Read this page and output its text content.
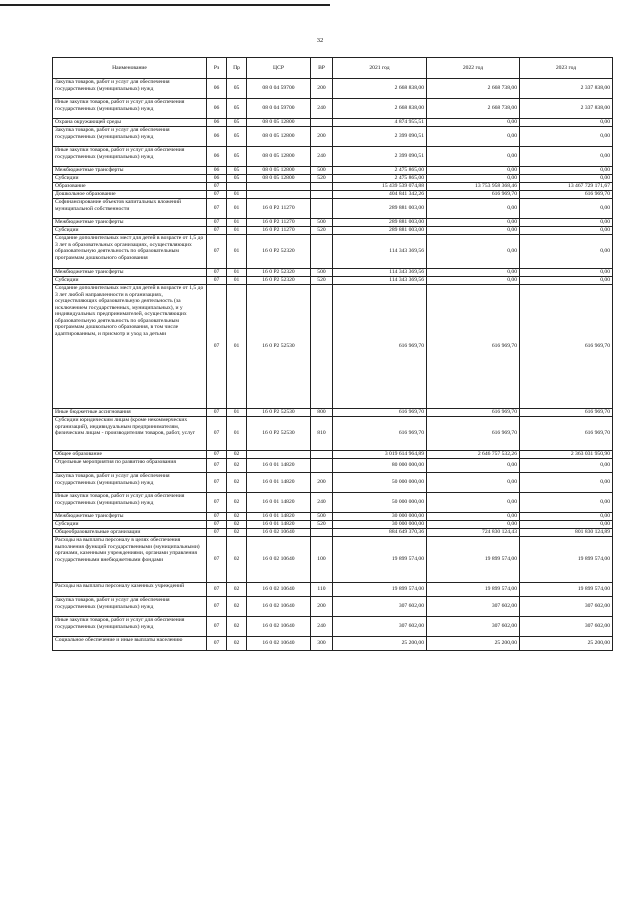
32
Наименование	Рз	Пр	ЦСР	ВР	2021 год	2022 год	2023 год
Закупка товаров, работ и услуг для обеспечения государственных (муниципальных) нужд	06	05	08 0 04 59700	200	2 668 838,00	2 668 738,00	2 337 838,00
Иные закупки товаров, работ и услуг для обеспечения государственных (муниципальных) нужд	06	05	08 0 04 59700	240	2 668 838,00	2 668 738,00	2 337 838,00
Охрана окружающей среды	06	05	08 0 05 12800		4 874 955,51	0,00	0,00
Закупка товаров, работ и услуг для обеспечения государственных (муниципальных) нужд	06	05	08 0 05 12800	200	2 399 090,51	0,00	0,00
Иные закупки товаров, работ и услуг для обеспечения государственных (муниципальных) нужд	06	05	08 0 05 12800	240	2 399 090,51	0,00	0,00
Межбюджетные трансферты	06	05	08 0 05 12800	500	2 475 865,00	0,00	0,00
Субсидии	06	05	08 0 05 12800	520	2 475 865,00	0,00	0,00
Образование	07				15 439 539 074,88	13 753 958 368,46	13 467 729 171,67
Дошкольное образование	07	01			404 841 342,26	616 969,70	616 969,70
Софинансирование объектов капитальных вложений муниципальной собственности	07	01	16 0 Р2 11270		289 881 003,00	0,00	0,00
Межбюджетные трансферты	07	01	16 0 Р2 11270	500	289 881 003,00	0,00	0,00
Субсидии	07	01	16 0 Р2 11270	520	289 881 003,00	0,00	0,00
Создание дополнительных мест для детей в возрасте от 1,5 до 3 лет в образовательных организациях, осуществляющих образовательную деятельность по образовательным программам дошкольного образования	07	01	16 0 Р2 52320		114 343 369,56	0,00	0,00
Межбюджетные трансферты	07	01	16 0 Р2 52320	500	114 343 369,56	0,00	0,00
Субсидии	07	01	16 0 Р2 52320	520	114 343 369,56	0,00	0,00
Создание дополнительных мест для детей в возрасте от 1,5 до 3 лет любой направленности в организациях, осуществляющих образовательную деятельность (за исключением государственных, муниципальных), и у индивидуальных предпринимателей, осуществляющих образовательную деятельность по образовательным программам дошкольного образования, в том числе адаптированным, и присмотр и уход за детьми	07	01	16 0 Р2 52530		616 969,70	616 969,70	616 969,70
Иные бюджетные ассигнования	07	01	16 0 Р2 52530	800	616 969,70	616 969,70	616 969,70
Субсидии юридическим лицам (кроме некоммерческих организаций), индивидуальным предпринимателям, физическим лицам - производителям товаров, работ, услуг	07	01	16 0 Р2 52530	810	616 969,70	616 969,70	616 969,70
Общее образование	07	02			3 019 614 964,89	2 646 757 532,26	2 363 031 950,90
Отдельные мероприятия по развитию образования	07	02	16 0 01 14820		80 000 000,00	0,00	0,00
Закупка товаров, работ и услуг для обеспечения государственных (муниципальных) нужд	07	02	16 0 01 14820	200	50 000 000,00	0,00	0,00
Иные закупки товаров, работ и услуг для обеспечения государственных (муниципальных) нужд	07	02	16 0 01 14820	240	50 000 000,00	0,00	0,00
Межбюджетные трансферты	07	02	16 0 01 14820	500	30 000 000,00	0,00	0,00
Субсидии	07	02	16 0 01 14820	520	30 000 000,00	0,00	0,00
Общеобразовательные организации	07	02	16 0 02 10640		884 649 370,36	724 830 124,43	801 830 124,89
Расходы на выплаты персоналу в целях обеспечения выполнения функций государственными (муниципальными) органами, казенными учреждениями, органами управления государственными внебюджетными фондами	07	02	16 0 02 10640	100	19 899 574,00	19 899 574,00	19 899 574,00
Расходы на выплаты персоналу казенных учреждений	07	02	16 0 02 10640	110	19 899 574,00	19 899 574,00	19 899 574,00
Закупка товаров, работ и услуг для обеспечения государственных (муниципальных) нужд	07	02	16 0 02 10640	200	307 602,00	307 602,00	307 602,00
Иные закупки товаров, работ и услуг для обеспечения государственных (муниципальных) нужд	07	02	16 0 02 10640	240	307 602,00	307 602,00	307 602,00
Социальное обеспечение и иные выплаты населению	07	02	16 0 02 10640	300	25 200,00	25 200,00	25 200,00
